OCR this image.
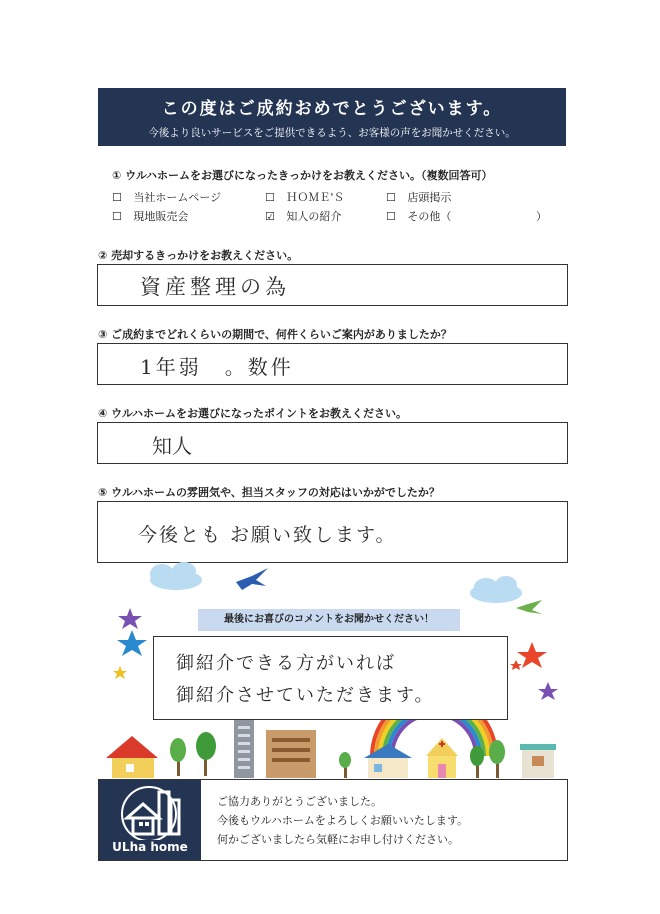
この度はご成約おめでとうございます。
今後より良いサービスをご提供できるよう、お客様の声をお聞かせください。
① ウルハホームをお選びになったきっかけをお教えください。（複数回答可）
☐ 当社ホームページ	☐ ＨＯＭＥ'Ｓ	☐ 店頭掲示
☐ 現地販売会	☑ 知人の紹介	☐ その他（	）
② 売却するきっかけをお教えください。
資産整理の為
③ ご成約までどれくらいの期間で、何件くらいご案内がありましたか？
1年弱　。数件
④ ウルハホームをお選びになったポイントをお教えください。
知人
⑤ ウルハホームの雰囲気や、担当スタッフの対応はいかがでしたか？
今後とも お願い致します。
最後にお喜びのコメントをお聞かせください！
御紹介できる方がいれば
御紹介させていただきます。
ULha home
ご協力ありがとうございました。
今後もウルハホームをよろしくお願いいたします。
何かございましたら気軽にお申し付けください。
